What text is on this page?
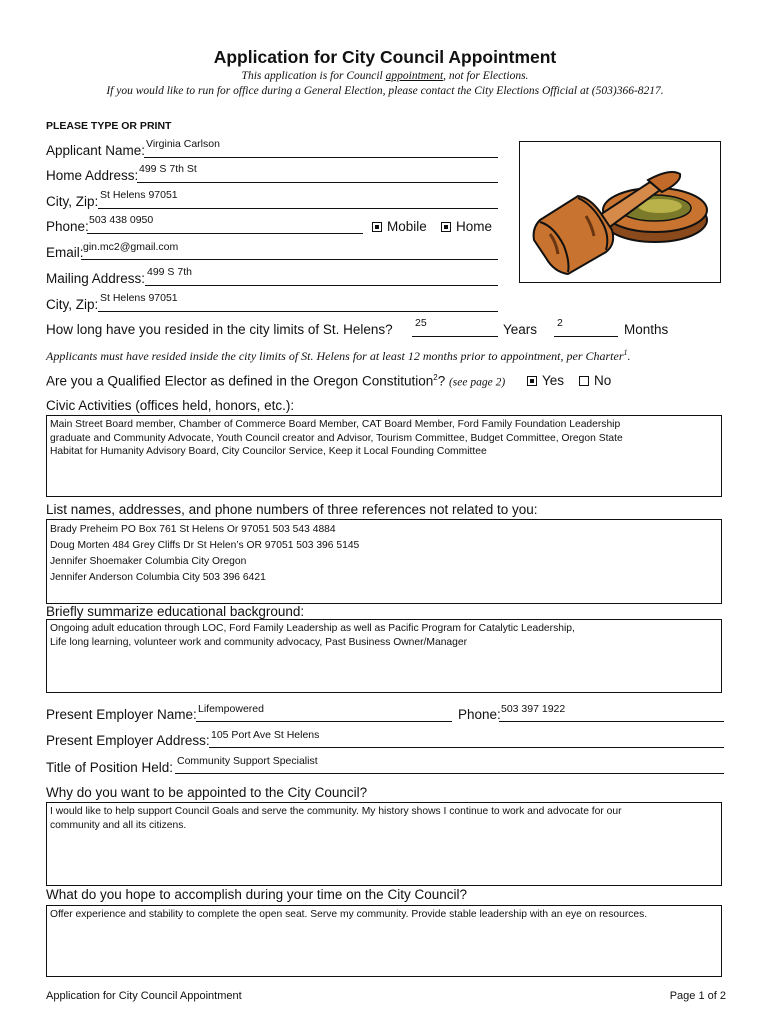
Application for City Council Appointment
This application is for Council appointment, not for Elections.
If you would like to run for office during a General Election, please contact the City Elections Official at (503)366-8217.
PLEASE TYPE OR PRINT
Applicant Name: Virginia Carlson
Home Address: 499 S 7th St
City, Zip: St Helens 97051
Phone: 503 438 0950	Mobile	Home
Email: gin.mc2@gmail.com
Mailing Address: 499 S 7th
City, Zip: St Helens 97051
How long have you resided in the city limits of St. Helens? 25	Years 2	Months
Applicants must have resided inside the city limits of St. Helens for at least 12 months prior to appointment, per Charter$^1$.
Are you a Qualified Elector as defined in the Oregon Constitution$^2$? (see page 2)	Yes	No
Civic Activities (offices held, honors, etc.):
Main Street Board member, Chamber of Commerce Board Member, CAT Board Member, Ford Family Foundation Leadership
graduate and Community Advocate, Youth Council creator and Advisor, Tourism Committee, Budget Committee, Oregon State
Habitat for Humanity Advisory Board, City Councilor Service, Keep it Local Founding Committee
List names, addresses, and phone numbers of three references not related to you:
Brady Preheim PO Box 761 St Helens Or 97051 503 543 4884
Doug Morten 484 Grey Cliffs Dr St Helen’s OR 97051 503 396 5145
Jennifer Shoemaker Columbia City Oregon
Jennifer Anderson Columbia City 503 396 6421
Briefly summarize educational background:
Ongoing adult education through LOC, Ford Family Leadership as well as Pacific Program for Catalytic Leadership,
Life long learning, volunteer work and community advocacy, Past Business Owner/Manager
Present Employer Name: Lifempowered	Phone: 503 397 1922
Present Employer Address: 105 Port Ave St Helens
Title of Position Held: Community Support Specialist
Why do you want to be appointed to the City Council?
I would like to help support Council Goals and serve the community. My history shows I continue to work and advocate for our
community and all its citizens.
What do you hope to accomplish during your time on the City Council?
Offer experience and stability to complete the open seat. Serve my community. Provide stable leadership with an eye on resources.
Application for City Council Appointment	Page 1 of 2
